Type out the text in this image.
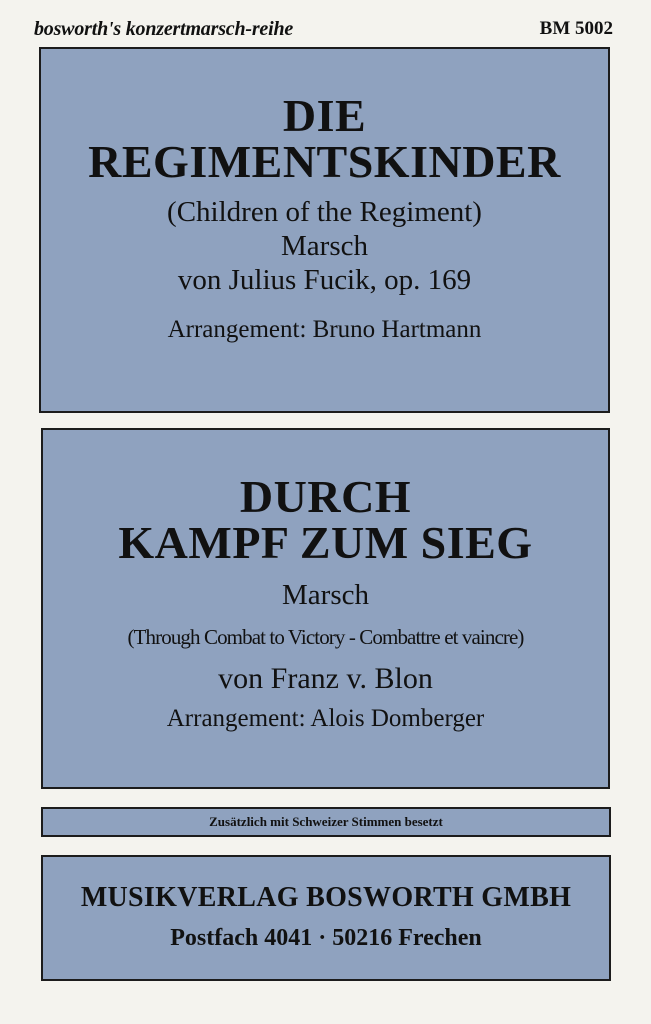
bosworth's konzertmarsch-reihe	BM 5002
DIE
REGIMENTSKINDER
(Children of the Regiment)
Marsch
von Julius Fucik, op. 169
Arrangement: Bruno Hartmann
DURCH
KAMPF ZUM SIEG
Marsch
(Through Combat to Victory - Combattre et vaincre)
von Franz v. Blon
Arrangement: Alois Domberger
Zusätzlich mit Schweizer Stimmen besetzt
MUSIKVERLAG BOSWORTH GMBH
Postfach 4041 · 50216 Frechen
